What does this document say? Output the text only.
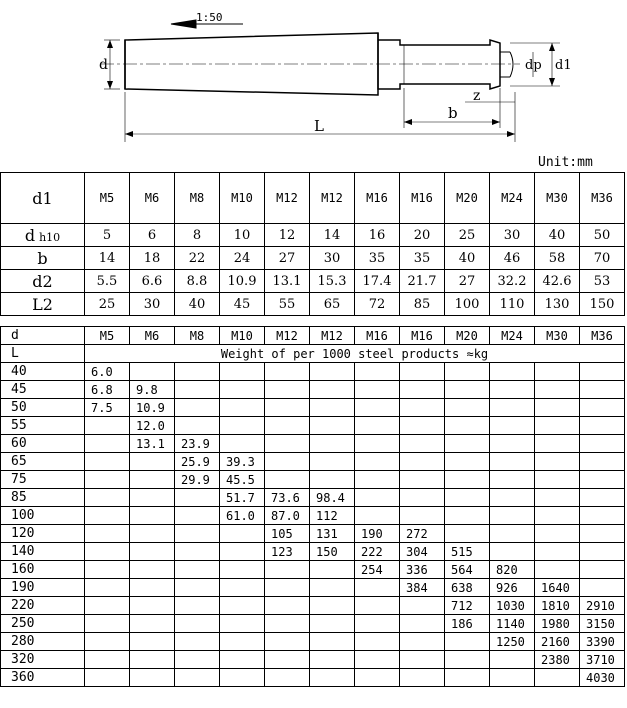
1:50
d	dp d1
L
b
z
Unit:mm
d1	M5	M6	M8	M10	M12	M12	M16	M16	M20	M24	M30	M36
d h10	5	6	8	10	12	14	16	20	25	30	40	50
b	14	18	22	24	27	30	35	35	40	46	58	70
d2	5.5	6.6	8.8	10.9	13.1	15.3	17.4	21.7	27	32.2	42.6	53
L2	25	30	40	45	55	65	72	85	100	110	130	150
d	M5	M6	M8	M10	M12	M12	M16	M16	M20	M24	M30	M36
L	Weight of per 1000 steel products ≈kg											
40	6.0											
45	6.8	9.8										
50	7.5	10.9										
55		12.0										
60		13.1	23.9									
65			25.9	39.3								
75			29.9	45.5								
85				51.7	73.6	98.4						
100				61.0	87.0	112						
120					105	131	190	272				
140					123	150	222	304	515			
160							254	336	564	820		
190								384	638	926	1640	
220									712	1030	1810	2910
250									186	1140	1980	3150
280										1250	2160	3390
320											2380	3710
360												4030
